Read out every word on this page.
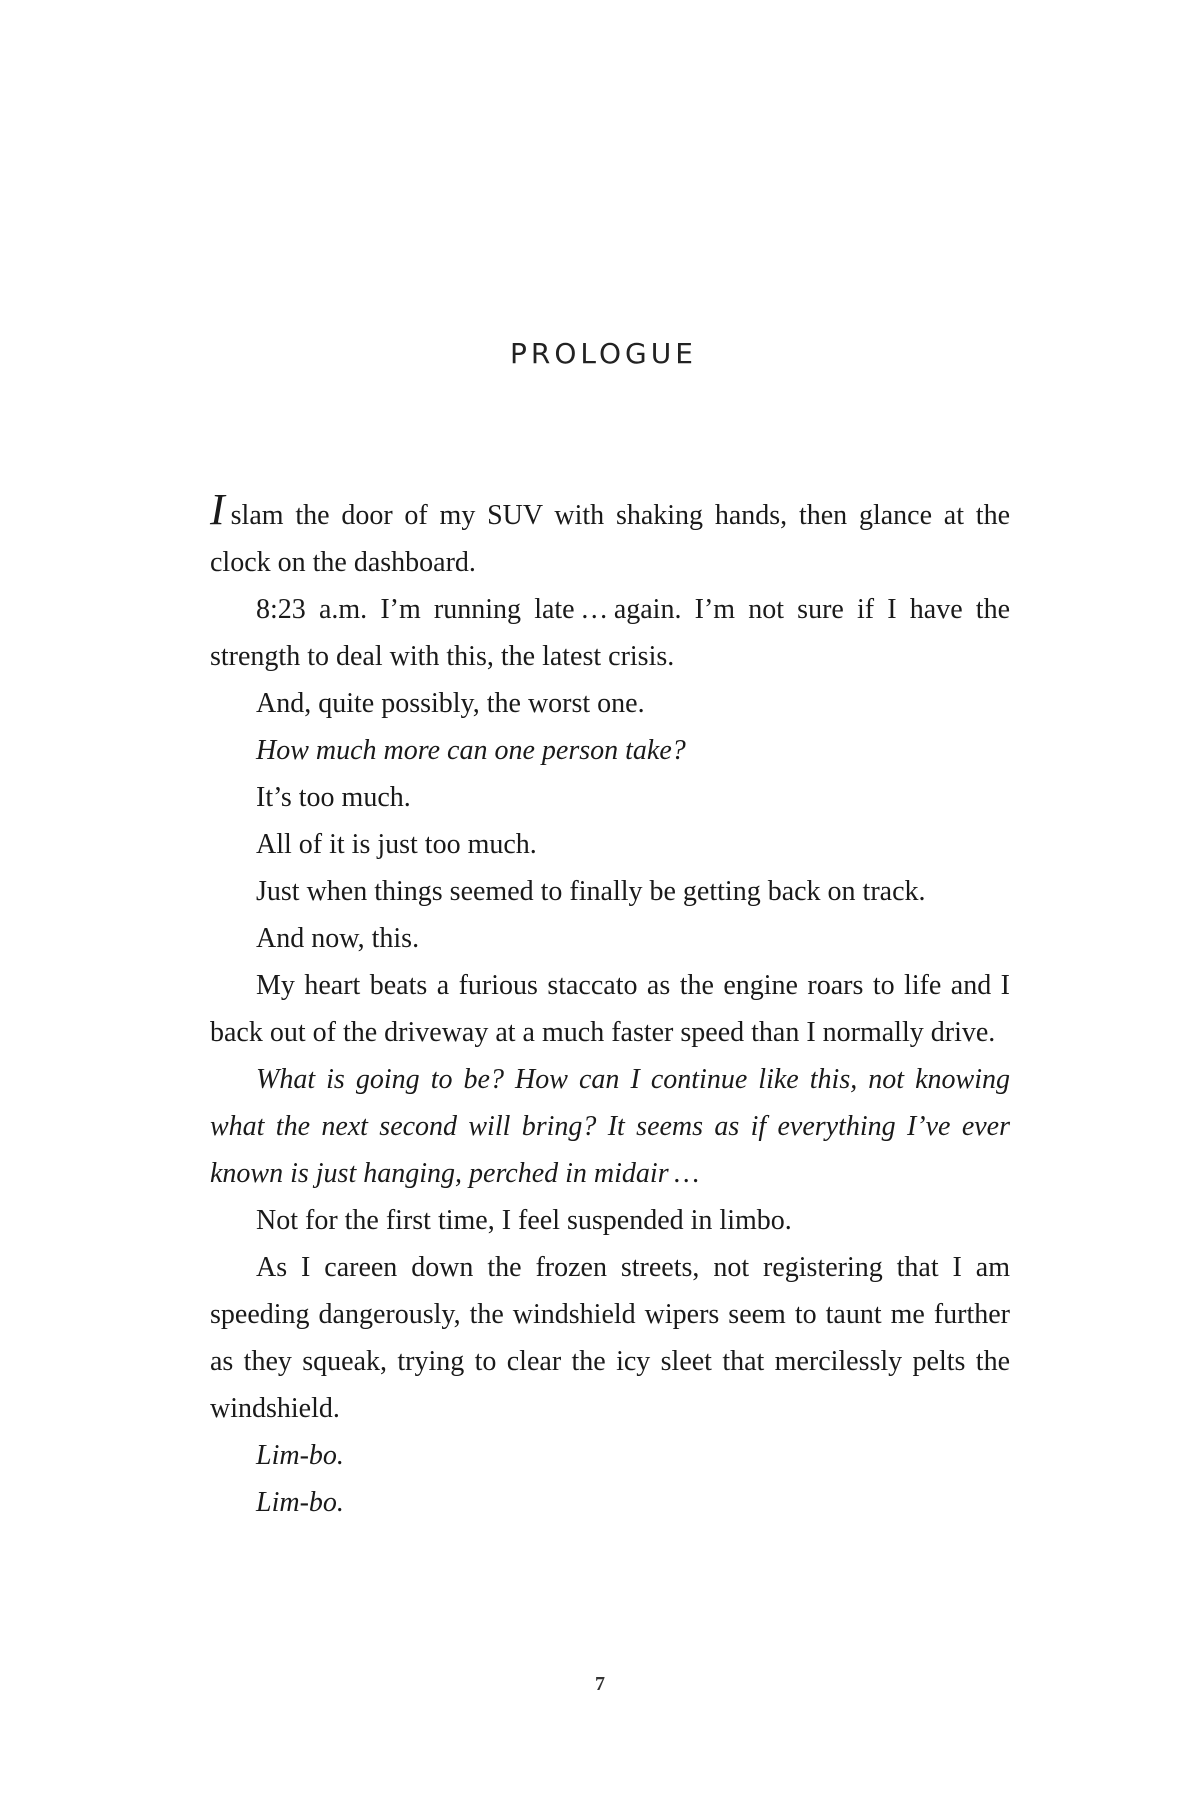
PROLOGUE

Islam the door of my SUV with shaking hands, then glance at the clock on the dashboard.

8:23 a.m. I’m running late … again. I’m not sure if I have the strength to deal with this, the latest crisis.

And, quite possibly, the worst one.

How much more can one person take?

It’s too much.

All of it is just too much.

Just when things seemed to finally be getting back on track.

And now, this.

My heart beats a furious staccato as the engine roars to life and I back out of the driveway at a much faster speed than I normally drive.

What is going to be? How can I continue like this, not knowing what the next second will bring? It seems as if everything I’ve ever known is just hanging, perched in midair …

Not for the first time, I feel suspended in limbo.

As I careen down the frozen streets, not registering that I am speeding dangerously, the windshield wipers seem to taunt me further as they squeak, trying to clear the icy sleet that mercilessly pelts the windshield.

Lim-bo.

Lim-bo.

7
